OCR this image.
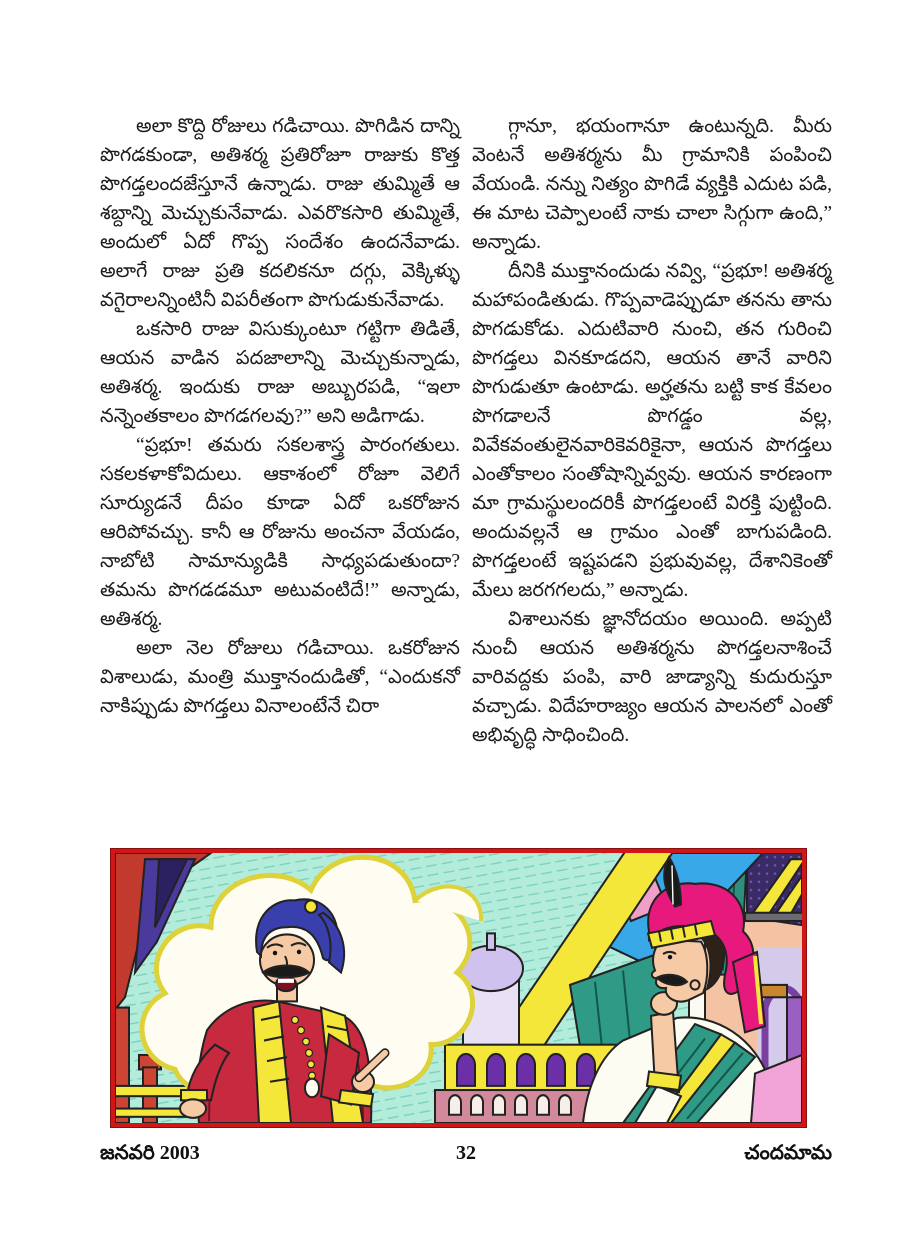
అలా కొద్ది రోజులు గడిచాయి. పొగిడిన దాన్ని పొగడకుండా, అతిశర్మ ప్రతిరోజూ రాజుకు కొత్త పొగడ్తలందజేస్తూనే ఉన్నాడు. రాజు తుమ్మితే ఆ శబ్దాన్ని మెచ్చుకునేవాడు. ఎవరొకసారి తుమ్మితే, అందులో ఏదో గొప్ప సందేశం ఉందనేవాడు. అలాగే రాజు ప్రతి కదలికనూ దగ్గు, వెక్కిళ్ళు వగైరాలన్నింటినీ విపరీతంగా పొగుడుకునేవాడు.

ఒకసారి రాజు విసుక్కుంటూ గట్టిగా తిడితే, ఆయన వాడిన పదజాలాన్ని మెచ్చుకున్నాడు, అతిశర్మ. ఇందుకు రాజు అబ్బురపడి, “ఇలా నన్నెంతకాలం పొగడగలవు?” అని అడిగాడు.

“ప్రభూ! తమరు సకలశాస్త్ర పారంగతులు. సకలకళాకోవిదులు. ఆకాశంలో రోజూ వెలిగే సూర్యుడనే దీపం కూడా ఏదో ఒకరోజున ఆరిపోవచ్చు. కానీ ఆ రోజును అంచనా వేయడం, నాబోటి సామాన్యుడికి సాధ్యపడుతుందా? తమను పొగడడమూ అటువంటిదే!” అన్నాడు, అతిశర్మ.

అలా నెల రోజులు గడిచాయి. ఒకరోజున విశాలుడు, మంత్రి ముక్తానందుడితో, “ఎందుకనో నాకిప్పుడు పొగడ్తలు వినాలంటేనే చిరా

గ్గానూ, భయంగానూ ఉంటున్నది. మీరు వెంటనే అతిశర్మను మీ గ్రామానికి పంపించి వేయండి. నన్ను నిత్యం పొగిడే వ్యక్తికి ఎదుట పడి, ఈ మాట చెప్పాలంటే నాకు చాలా సిగ్గుగా ఉంది,” అన్నాడు.

దీనికి ముక్తానందుడు నవ్వి, “ప్రభూ! అతిశర్మ మహాపండితుడు. గొప్పవాడెప్పుడూ తనను తాను పొగడుకోడు. ఎదుటివారి నుంచి, తన గురించి పొగడ్తలు వినకూడదని, ఆయన తానే వారిని పొగుడుతూ ఉంటాడు. అర్హతను బట్టి కాక కేవలం పొగడాలనే పొగడ్డం వల్ల, వివేకవంతులైనవారికెవరికైనా, ఆయన పొగడ్తలు ఎంతోకాలం సంతోషాన్నివ్వవు. ఆయన కారణంగా మా గ్రామస్థులందరికీ పొగడ్తలంటే విరక్తి పుట్టింది. అందువల్లనే ఆ గ్రామం ఎంతో బాగుపడింది. పొగడ్తలంటే ఇష్టపడని ప్రభువువల్ల, దేశానికెంతో మేలు జరగగలదు,” అన్నాడు.

విశాలునకు జ్ఞానోదయం అయింది. అప్పటి నుంచీ ఆయన అతిశర్మను పొగడ్తలనాశించే వారివద్దకు పంపి, వారి జాడ్యాన్ని కుదురుస్తూ వచ్చాడు. విదేహరాజ్యం ఆయన పాలనలో ఎంతో అభివృద్ధి సాధించింది.

జనవరి 2003	32	చందమామ
